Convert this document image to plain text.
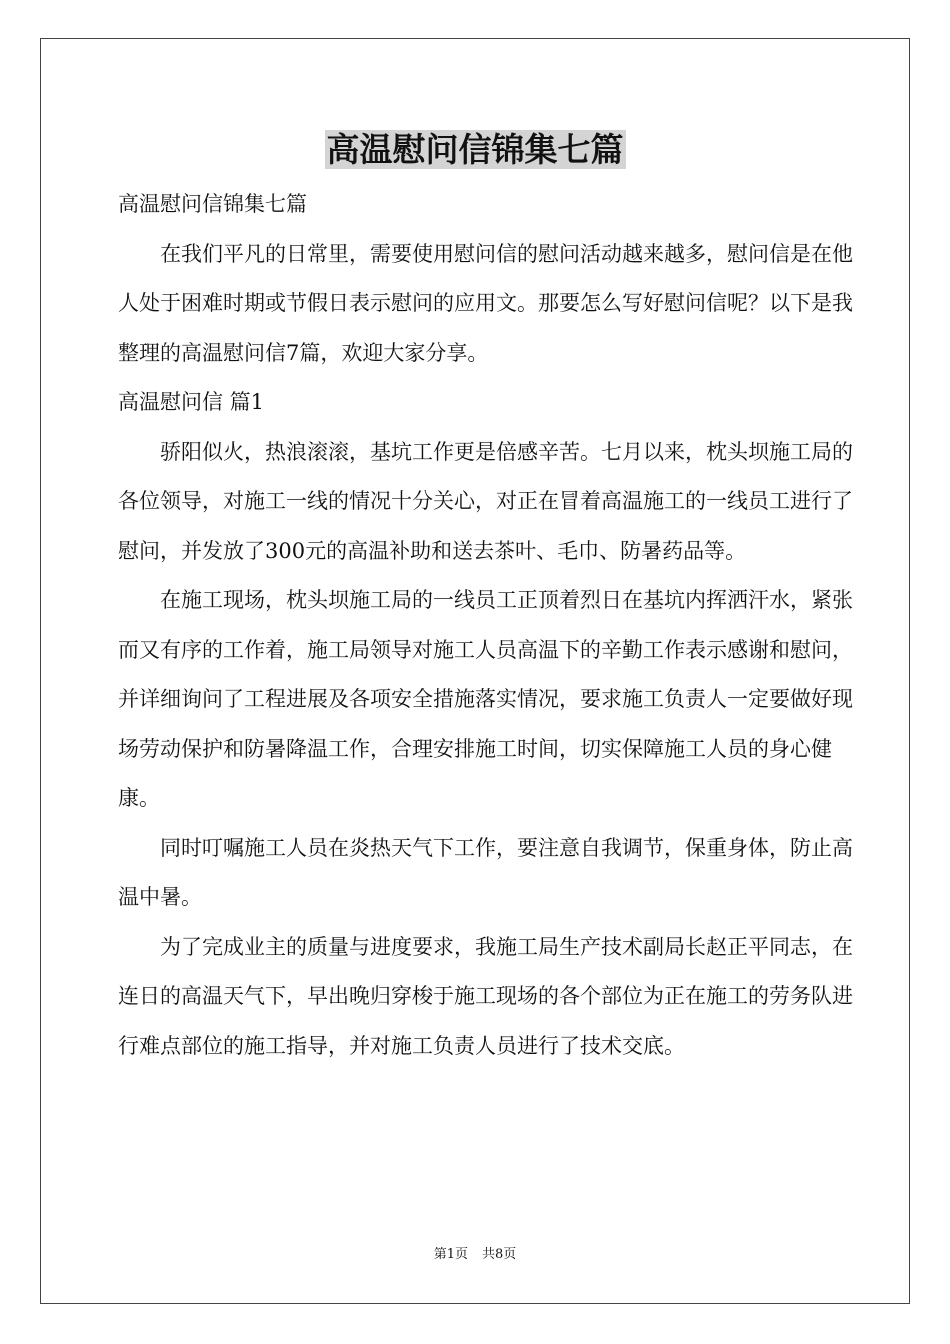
高温慰问信锦集七篇

高温慰问信锦集七篇

在我们平凡的日常里，需要使用慰问信的慰问活动越来越多，慰问信是在他人处于困难时期或节假日表示慰问的应用文。那要怎么写好慰问信呢？以下是我整理的高温慰问信7篇，欢迎大家分享。

高温慰问信 篇1

骄阳似火，热浪滚滚，基坑工作更是倍感辛苦。七月以来，枕头坝施工局的各位领导，对施工一线的情况十分关心，对正在冒着高温施工的一线员工进行了慰问，并发放了300元的高温补助和送去茶叶、毛巾、防暑药品等。

在施工现场，枕头坝施工局的一线员工正顶着烈日在基坑内挥洒汗水，紧张而又有序的工作着，施工局领导对施工人员高温下的辛勤工作表示感谢和慰问，并详细询问了工程进展及各项安全措施落实情况，要求施工负责人一定要做好现场劳动保护和防暑降温工作，合理安排施工时间，切实保障施工人员的身心健康。

同时叮嘱施工人员在炎热天气下工作，要注意自我调节，保重身体，防止高温中暑。

为了完成业主的质量与进度要求，我施工局生产技术副局长赵正平同志，在连日的高温天气下，早出晚归穿梭于施工现场的各个部位为正在施工的劳务队进行难点部位的施工指导，并对施工负责人员进行了技术交底。

第1页 共8页
